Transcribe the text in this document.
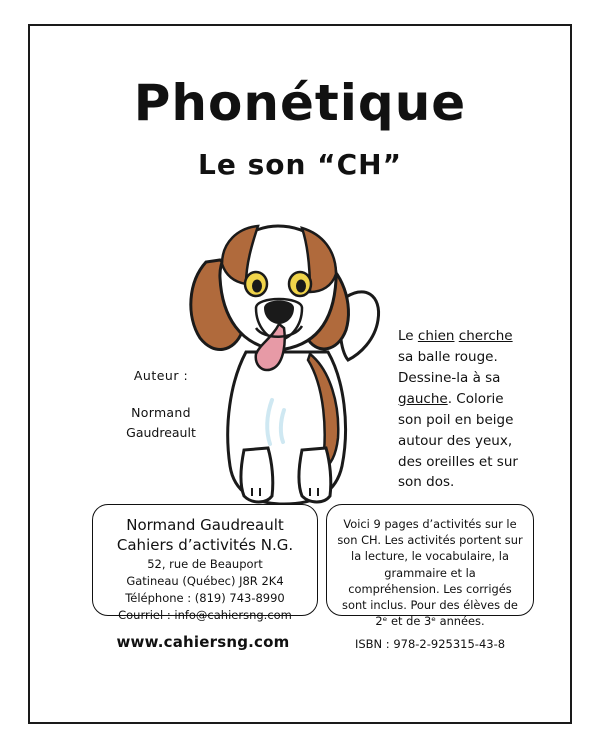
Phonétique
Le son “CH”
Auteur :
Normand
Gaudreault
Le chien cherche
sa balle rouge.
Dessine-la à sa
gauche. Colorie
son poil en beige
autour des yeux,
des oreilles et sur
son dos.
Normand Gaudreault
Cahiers d’activités N.G.
52, rue de Beauport
Gatineau (Québec) J8R 2K4
Téléphone : (819) 743-8990
Courriel : info@cahiersng.com
Voici 9 pages d’activités sur le son CH. Les activités portent sur la lecture, le vocabulaire, la grammaire et la compréhension. Les corrigés sont inclus. Pour des élèves de 2ᵉ et de 3ᵉ années.
www.cahiersng.com	ISBN : 978-2-925315-43-8
